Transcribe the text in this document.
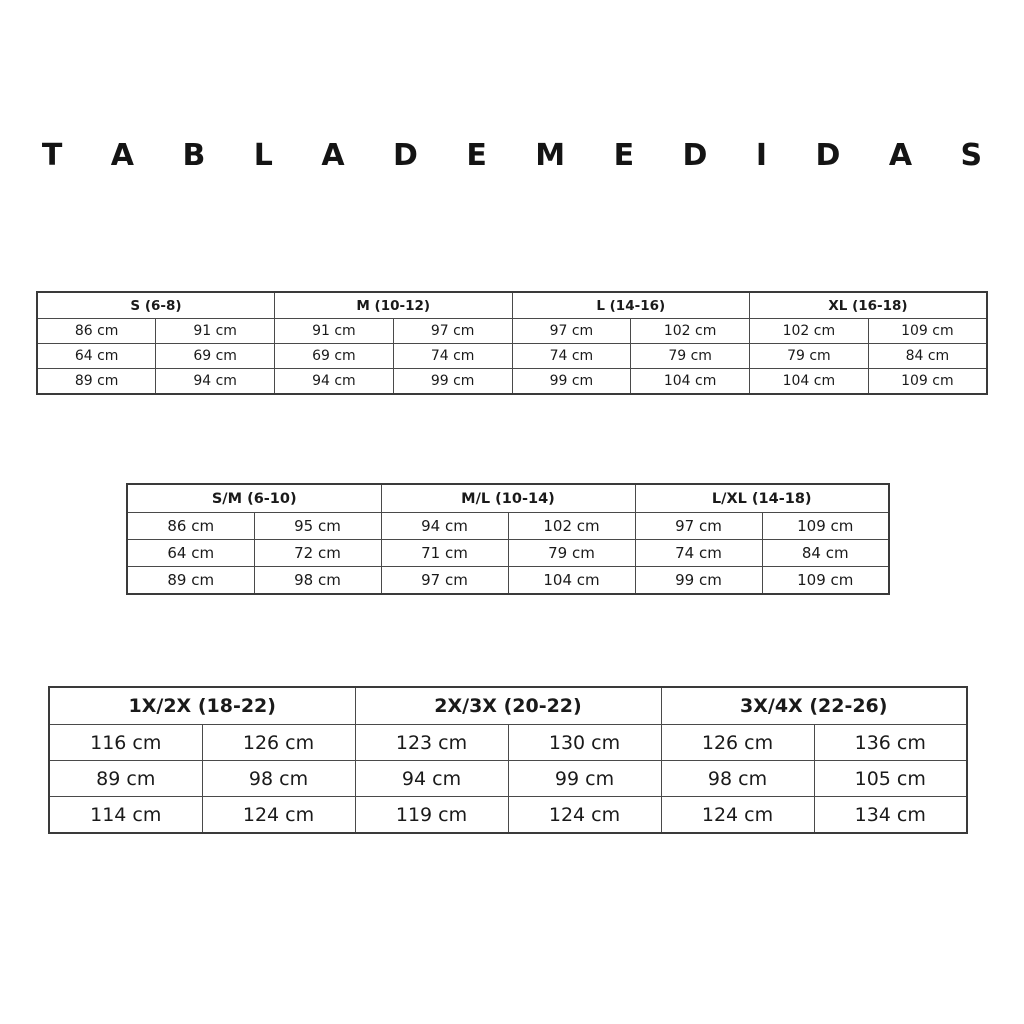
T A B L A D E M E D I D A S
S (6-8)		M (10-12)		L (14-16)		XL (16-18)	
86 cm	91 cm	91 cm	97 cm	97 cm	102 cm	102 cm	109 cm
64 cm	69 cm	69 cm	74 cm	74 cm	79 cm	79 cm	84 cm
89 cm	94 cm	94 cm	99 cm	99 cm	104 cm	104 cm	109 cm
S/M (6-10)		M/L (10-14)		L/XL (14-18)	
86 cm	95 cm	94 cm	102 cm	97 cm	109 cm
64 cm	72 cm	71 cm	79 cm	74 cm	84 cm
89 cm	98 cm	97 cm	104 cm	99 cm	109 cm
1X/2X (18-22)		2X/3X (20-22)		3X/4X (22-26)	
116 cm	126 cm	123 cm	130 cm	126 cm	136 cm
89 cm	98 cm	94 cm	99 cm	98 cm	105 cm
114 cm	124 cm	119 cm	124 cm	124 cm	134 cm
